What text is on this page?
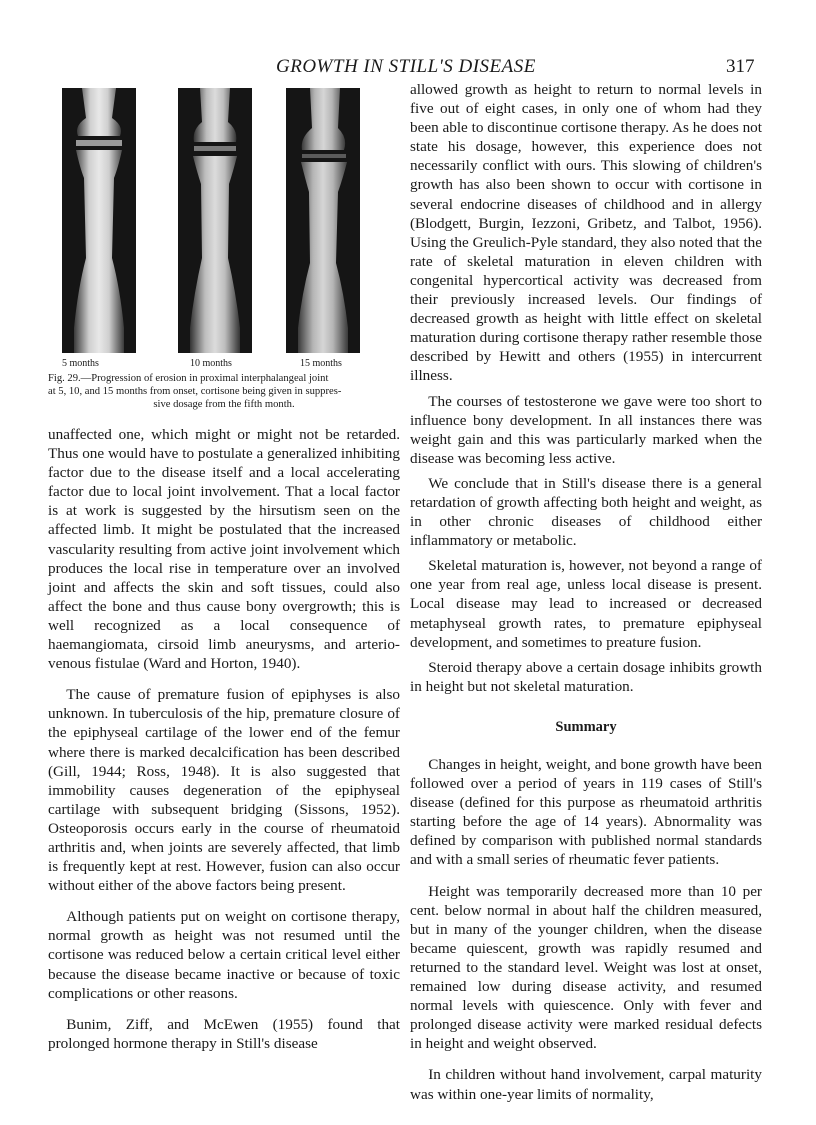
GROWTH IN STILL'S DISEASE	317
5 months	10 months	15 months
Fig. 29.—Progression of erosion in proximal interphalangeal joint
at 5, 10, and 15 months from onset, cortisone being given in suppres-
sive dosage from the fifth month.

unaffected one, which might or might not be retarded. Thus one would have to postulate a generalized inhibiting factor due to the disease itself and a local accelerating factor due to local joint involvement. That a local factor is at work is suggested by the hirsutism seen on the affected limb. It might be postulated that the increased vascularity resulting from active joint involvement which produces the local rise in temperature over an involved joint and affects the skin and soft tissues, could also affect the bone and thus cause bony overgrowth; this is well recognized as a local consequence of haemangiomata, cirsoid limb aneurysms, and arterio-venous fistulae (Ward and Horton, 1940).

The cause of premature fusion of epiphyses is also unknown. In tuberculosis of the hip, premature closure of the epiphyseal cartilage of the lower end of the femur where there is marked decalcification has been described (Gill, 1944; Ross, 1948). It is also suggested that immobility causes degeneration of the epiphyseal cartilage with subsequent bridging (Sissons, 1952). Osteoporosis occurs early in the course of rheumatoid arthritis and, when joints are severely affected, that limb is frequently kept at rest. However, fusion can also occur without either of the above factors being present.

Although patients put on weight on cortisone therapy, normal growth as height was not resumed until the cortisone was reduced below a certain critical level either because the disease became inactive or because of toxic complications or other reasons.

Bunim, Ziff, and McEwen (1955) found that prolonged hormone therapy in Still's disease

allowed growth as height to return to normal levels in five out of eight cases, in only one of whom had they been able to discontinue cortisone therapy. As he does not state his dosage, however, this experience does not necessarily conflict with ours. This slowing of children's growth has also been shown to occur with cortisone in several endocrine diseases of childhood and in allergy (Blodgett, Burgin, Iezzoni, Gribetz, and Talbot, 1956). Using the Greulich-Pyle standard, they also noted that the rate of skeletal maturation in eleven children with congenital hypercortical activity was decreased from their previously increased levels. Our findings of decreased growth as height with little effect on skeletal maturation during cortisone therapy rather resemble those described by Hewitt and others (1955) in intercurrent illness.

The courses of testosterone we gave were too short to influence bony development. In all instances there was weight gain and this was particularly marked when the disease was becoming less active.

We conclude that in Still's disease there is a general retardation of growth affecting both height and weight, as in other chronic diseases of childhood either inflammatory or metabolic.

Skeletal maturation is, however, not beyond a range of one year from real age, unless local disease is present. Local disease may lead to increased or decreased metaphyseal growth rates, to premature epiphyseal development, and sometimes to preature fusion.

Steroid therapy above a certain dosage inhibits growth in height but not skeletal maturation.

Summary

Changes in height, weight, and bone growth have been followed over a period of years in 119 cases of Still's disease (defined for this purpose as rheumatoid arthritis starting before the age of 14 years). Abnormality was defined by comparison with published normal standards and with a small series of rheumatic fever patients.

Height was temporarily decreased more than 10 per cent. below normal in about half the children measured, but in many of the younger children, when the disease became quiescent, growth was rapidly resumed and returned to the standard level. Weight was lost at onset, remained low during disease activity, and resumed normal levels with quiescence. Only with fever and prolonged disease activity were marked residual defects in height and weight observed.

In children without hand involvement, carpal maturity was within one-year limits of normality,
